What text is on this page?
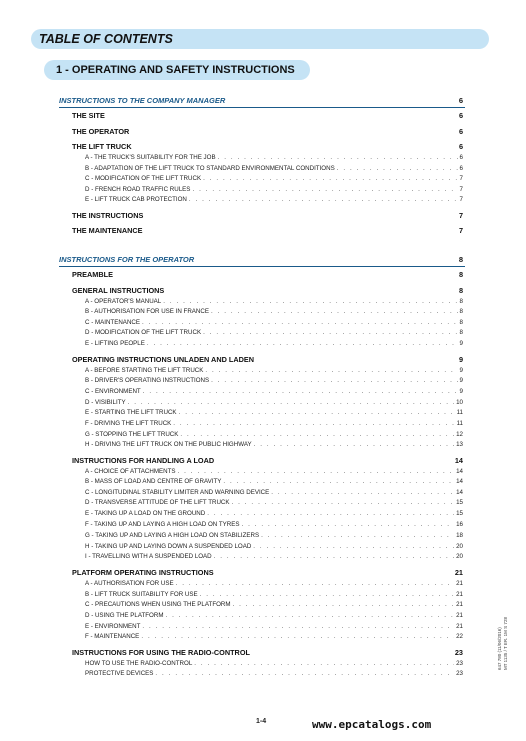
TABLE OF CONTENTS
1 - OPERATING AND SAFETY INSTRUCTIONS
INSTRUCTIONS TO THE COMPANY MANAGER	6
THE SITE	6
THE OPERATOR	6
THE LIFT TRUCK	6
A - THE TRUCK'S SUITABILITY FOR THE JOB . . .	6
B - ADAPTATION OF THE LIFT TRUCK TO STANDARD ENVIRONMENTAL CONDITIONS . . .	6
C - MODIFICATION OF THE LIFT TRUCK . . .	7
D - FRENCH ROAD TRAFFIC RULES . . .	7
E - LIFT TRUCK CAB PROTECTION . . .	7
THE INSTRUCTIONS	7
THE MAINTENANCE	7
INSTRUCTIONS FOR THE OPERATOR	8
PREAMBLE	8
GENERAL INSTRUCTIONS	8
A - OPERATOR'S MANUAL . . .	8
B - AUTHORISATION FOR USE IN FRANCE . . .	8
C - MAINTENANCE . . .	8
D - MODIFICATION OF THE LIFT TRUCK . . .	8
E - LIFTING PEOPLE . . .	9
OPERATING INSTRUCTIONS UNLADEN AND LADEN	9
A - BEFORE STARTING THE LIFT TRUCK . . .	9
B - DRIVER'S OPERATING INSTRUCTIONS . . .	9
C - ENVIRONMENT . . .	9
D - VISIBILITY . . .	10
E - STARTING THE LIFT TRUCK . . .	11
F - DRIVING THE LIFT TRUCK . . .	11
G - STOPPING THE LIFT TRUCK . . .	12
H - DRIVING THE LIFT TRUCK ON THE PUBLIC HIGHWAY . . .	13
INSTRUCTIONS FOR HANDLING A LOAD	14
A - CHOICE OF ATTACHMENTS . . .	14
B - MASS OF LOAD AND CENTRE OF GRAVITY . . .	14
C - LONGITUDINAL STABILITY LIMITER AND WARNING DEVICE . . .	14
D - TRANSVERSE ATTITUDE OF THE LIFT TRUCK . . .	15
E - TAKING UP A LOAD ON THE GROUND . . .	15
F - TAKING UP AND LAYING A HIGH LOAD ON TYRES . . .	16
G - TAKING UP AND LAYING A HIGH LOAD ON STABILIZERS . . .	18
H - TAKING UP AND LAYING DOWN A SUSPENDED LOAD . . .	20
I - TRAVELLING WITH A SUSPENDED LOAD . . .	20
PLATFORM OPERATING INSTRUCTIONS	21
A - AUTHORISATION FOR USE . . .	21
B - LIFT TRUCK SUITABILITY FOR USE . . .	21
C - PRECAUTIONS WHEN USING THE PLATFORM . . .	21
D - USING THE PLATFORM . . .	21
E - ENVIRONMENT . . .	21
F - MAINTENANCE . . .	22
INSTRUCTIONS FOR USING THE RADIO-CONTROL	23
HOW TO USE THE RADIO-CONTROL . . .	23
PROTECTIVE DEVICES . . .	23
647 780 (11/06/2016) MT 1135 / T ER. 1M S 728
1-4	www.epcatalogs.com
